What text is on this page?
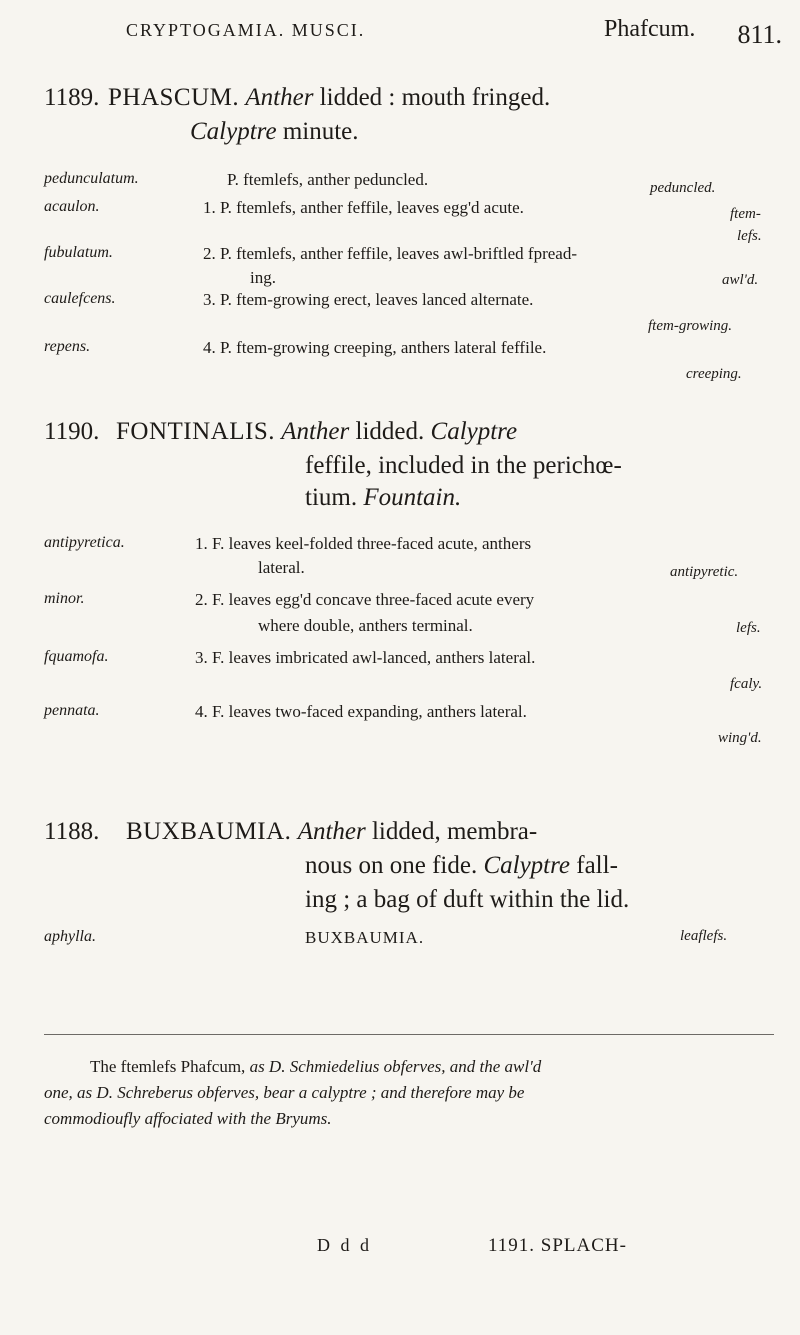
CRYPTOGAMIA. MUSCI.	Phafcum. 811.
1189. PHASCUM. Anther lidded : mouth fringed.
Calyptre minute.
pedunculatum.	P. ftemlefs, anther peduncled.	peduncled.
acaulon.	1. P. ftemlefs, anther feffile, leaves egg'd acute.	ftem-
lefs.
fubulatum.	2. P. ftemlefs, anther feffile, leaves awl-briftled fpread-
ing.	awl'd.
caulefcens.	3. P. ftem-growing erect, leaves lanced alternate.
ftem-growing.
repens.	4. P. ftem-growing creeping, anthers lateral feffile.
creeping.
1190. FONTINALIS. Anther lidded. Calyptre
feffile, included in the perichœ-
tium. Fountain.
antipyretica.	1. F. leaves keel-folded three-faced acute, anthers
lateral.	antipyretic.
minor.	2. F. leaves egg'd concave three-faced acute every
where double, anthers terminal.	lefs.
fquamofa.	3. F. leaves imbricated awl-lanced, anthers lateral.
fcaly.
pennata.	4. F. leaves two-faced expanding, anthers lateral.
wing'd.
1188. BUXBAUMIA. Anther lidded, membra-
nous on one fide. Calyptre fall-
ing ; a bag of duft within the lid.
aphylla.	BUXBAUMIA.	leaflefs.
The ftemlefs Phafcum, as D. Schmiedelius obferves, and the awl'd
one, as D. Schreberus obferves, bear a calyptre ; and therefore may be
commodioufly affociated with the Bryums.
D d d	1191. SPLACH-
